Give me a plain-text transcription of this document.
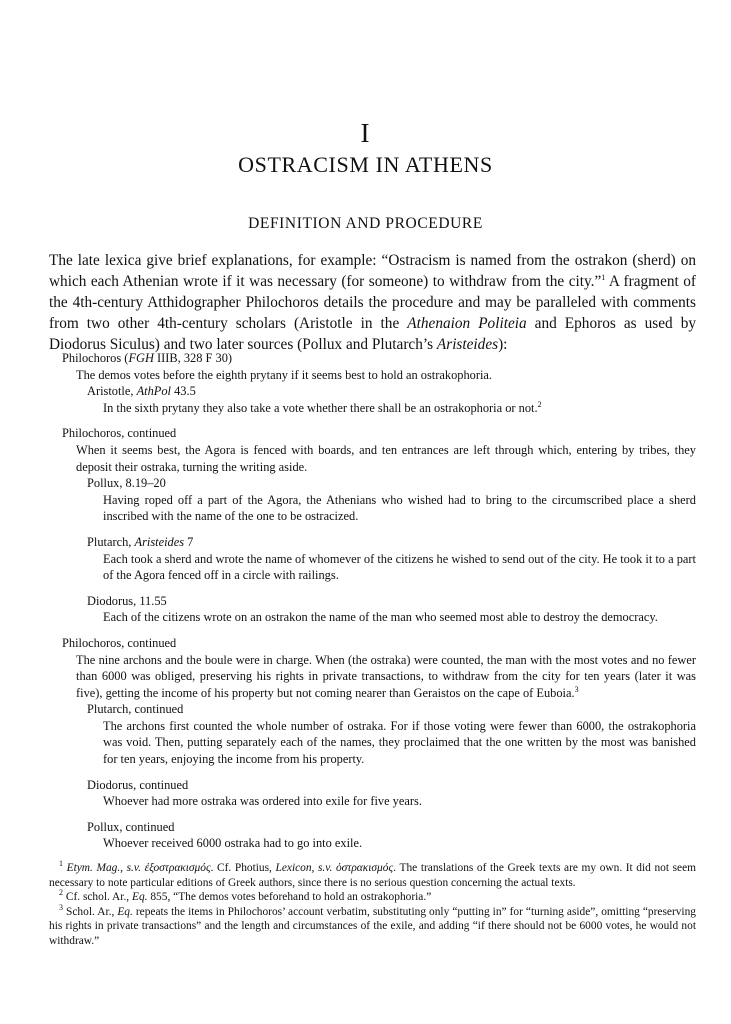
I
OSTRACISM IN ATHENS
DEFINITION AND PROCEDURE

The late lexica give brief explanations, for example: “Ostracism is named from the ostrakon (sherd) on which each Athenian wrote if it was necessary (for someone) to withdraw from the city.”$^1$ A fragment of the 4th-century Atthidographer Philochoros details the procedure and may be paralleled with comments from two other 4th-century scholars (Aristotle in the Athenaion Politeia and Ephoros as used by Diodorus Siculus) and two later sources (Pollux and Plutarch’s Aristeides):

Philochoros (FGH IIIB, 328 F 30)

The demos votes before the eighth prytany if it seems best to hold an ostrakophoria.

Aristotle, AthPol 43.5

In the sixth prytany they also take a vote whether there shall be an ostrakophoria or not.$^2$

Philochoros, continued

When it seems best, the Agora is fenced with boards, and ten entrances are left through which, entering by tribes, they deposit their ostraka, turning the writing aside.

Pollux, 8.19–20

Having roped off a part of the Agora, the Athenians who wished had to bring to the circumscribed place a sherd inscribed with the name of the one to be ostracized.

Plutarch, Aristeides 7

Each took a sherd and wrote the name of whomever of the citizens he wished to send out of the city. He took it to a part of the Agora fenced off in a circle with railings.

Diodorus, 11.55

Each of the citizens wrote on an ostrakon the name of the man who seemed most able to destroy the democracy.

Philochoros, continued

The nine archons and the boule were in charge. When (the ostraka) were counted, the man with the most votes and no fewer than 6000 was obliged, preserving his rights in private transactions, to withdraw from the city for ten years (later it was five), getting the income of his property but not coming nearer than Geraistos on the cape of Euboia.$^3$

Plutarch, continued

The archons first counted the whole number of ostraka. For if those voting were fewer than 6000, the ostrakophoria was void. Then, putting separately each of the names, they proclaimed that the one written by the most was banished for ten years, enjoying the income from his property.

Diodorus, continued

Whoever had more ostraka was ordered into exile for five years.

Pollux, continued

Whoever received 6000 ostraka had to go into exile.

$^1$ Etym. Mag., s.v. ἐξοστρακισμός. Cf. Photius, Lexicon, s.v. ὀστρακισμός. The translations of the Greek texts are my own. It did not seem necessary to note particular editions of Greek authors, since there is no serious question concerning the actual texts.

$^2$ Cf. schol. Ar., Eq. 855, “The demos votes beforehand to hold an ostrakophoria.”

$^3$ Schol. Ar., Eq. repeats the items in Philochoros’ account verbatim, substituting only “putting in” for “turning aside”, omitting “preserving his rights in private transactions” and the length and circumstances of the exile, and adding “if there should not be 6000 votes, he would not withdraw.”
